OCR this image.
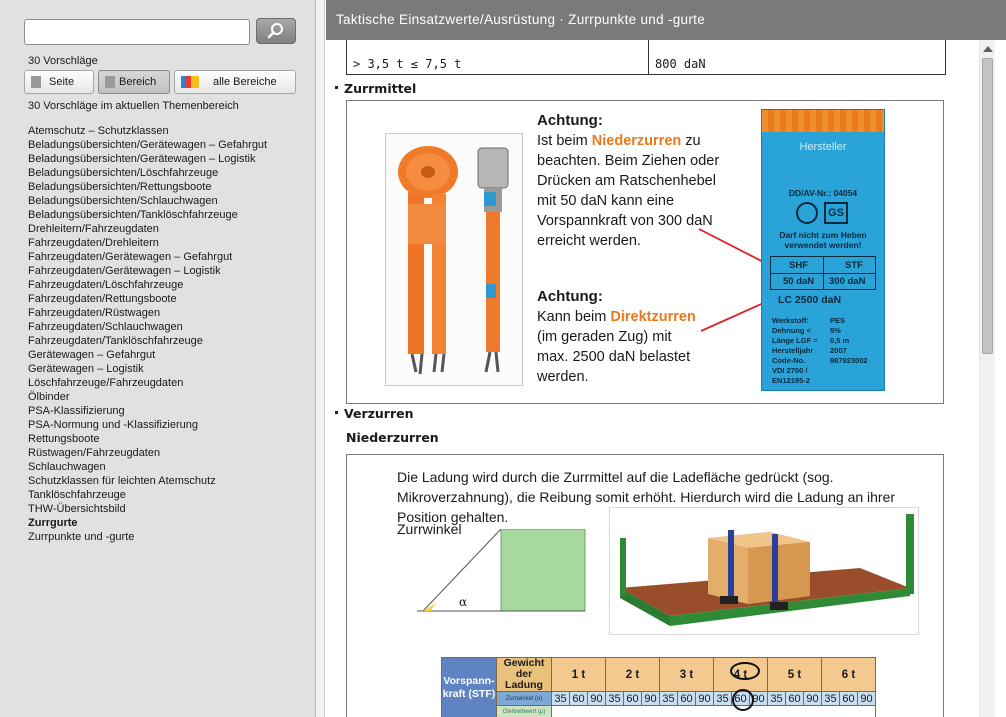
30 Vorschläge
Seite	Bereich	alle Bereiche
30 Vorschläge im aktuellen Themenbereich
Atemschutz – Schutzklassen
Beladungsübersichten/Gerätewagen – Gefahrgut
Beladungsübersichten/Gerätewagen – Logistik
Beladungsübersichten/Löschfahrzeuge
Beladungsübersichten/Rettungsboote
Beladungsübersichten/Schlauchwagen
Beladungsübersichten/Tanklöschfahrzeuge
Drehleitern/Fahrzeugdaten
Fahrzeugdaten/Drehleitern
Fahrzeugdaten/Gerätewagen – Gefahrgut
Fahrzeugdaten/Gerätewagen – Logistik
Fahrzeugdaten/Löschfahrzeuge
Fahrzeugdaten/Rettungsboote
Fahrzeugdaten/Rüstwagen
Fahrzeugdaten/Schlauchwagen
Fahrzeugdaten/Tanklöschfahrzeuge
Gerätewagen – Gefahrgut
Gerätewagen – Logistik
Löschfahrzeuge/Fahrzeugdaten
Ölbinder
PSA-Klassifizierung
PSA-Normung und -Klassifizierung
Rettungsboote
Rüstwagen/Fahrzeugdaten
Schlauchwagen
Schutzklassen für leichten Atemschutz
Tanklöschfahrzeuge
THW-Übersichtsbild
Zurrgurte
Zurrpunkte und -gurte
Taktische Einsatzwerte/Ausrüstung · Zurrpunkte und -gurte
> 3,5 t ≤ 7,5 t	800 daN
Zurrmittel
Achtung:
Ist beim Niederzurren zu
beachten. Beim Ziehen oder
Drücken am Ratschenhebel
mit 50 daN kann eine
Vorspannkraft von 300 daN
erreicht werden.
Achtung:
Kann beim Direktzurren
(im geraden Zug) mit
max. 2500 daN belastet
werden.
Hersteller
DD/AV-Nr.: 04054
GS
Darf nicht zum Heben
verwendet werden!
SHF	STF
50 daN 300 daN
LC 2500 daN
Werkstoff:	PES
Dehnung <	5%
Länge LGF =	0,5 m
Herstelljahr	2007
Code-No.	987923002
VDI 2700 / EN12195-2
Verzurren
Niederzurren
Die Ladung wird durch die Zurrmittel auf die Ladefläche gedrückt (sog. Mikroverzahnung), die Reibung somit erhöht. Hierdurch wird die Ladung an ihrer Position gehalten.
Zurrwinkel
α
Vorspann- kraft (STF)	Gewicht der Ladung	1 t			2 t			3 t			4 t			5 t			6 t		
	Zurrwinkel (α)	35	60	90	35	60	90	35	60	90	35	60	90	35	60	90	35	60	90
	Gleitreibwert (μ)																		
